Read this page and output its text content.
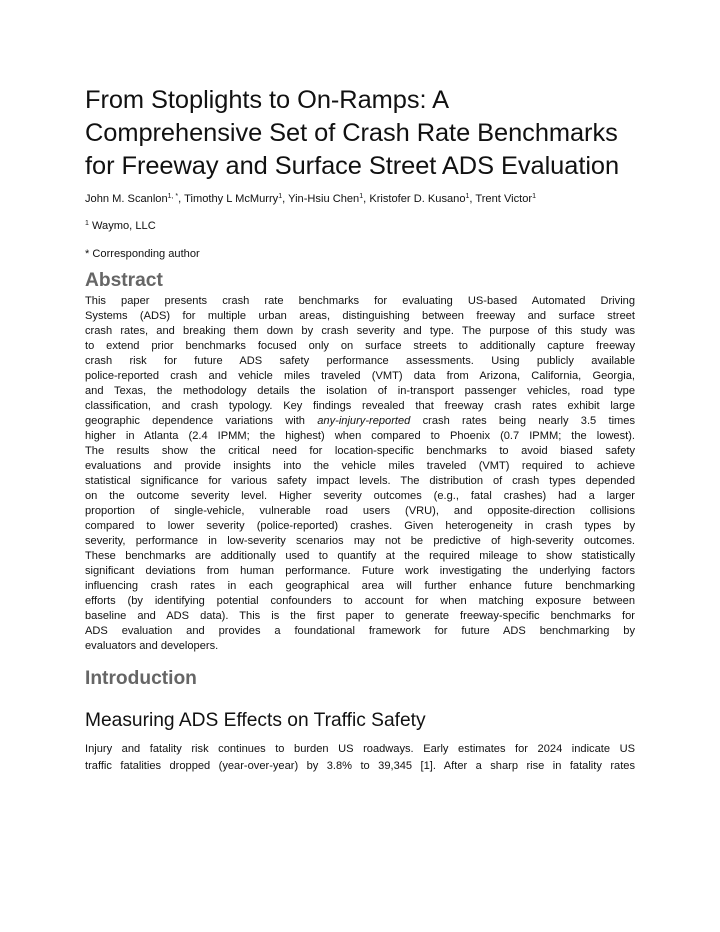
From Stoplights to On-Ramps: A
Comprehensive Set of Crash Rate Benchmarks
for Freeway and Surface Street ADS Evaluation

John M. Scanlon$^{1, *}$, Timothy L McMurry$^1$, Yin-Hsiu Chen$^1$, Kristofer D. Kusano$^1$, Trent Victor$^1$

$^1$ Waymo, LLC

* Corresponding author

Abstract
This paper presents crash rate benchmarks for evaluating US-based Automated Driving
Systems (ADS) for multiple urban areas, distinguishing between freeway and surface street
crash rates, and breaking them down by crash severity and type. The purpose of this study was
to extend prior benchmarks focused only on surface streets to additionally capture freeway
crash risk for future ADS safety performance assessments. Using publicly available
police-reported crash and vehicle miles traveled (VMT) data from Arizona, California, Georgia,
and Texas, the methodology details the isolation of in-transport passenger vehicles, road type
classification, and crash typology. Key findings revealed that freeway crash rates exhibit large
geographic dependence variations with any-injury-reported crash rates being nearly 3.5 times
higher in Atlanta (2.4 IPMM; the highest) when compared to Phoenix (0.7 IPMM; the lowest).
The results show the critical need for location-specific benchmarks to avoid biased safety
evaluations and provide insights into the vehicle miles traveled (VMT) required to achieve
statistical significance for various safety impact levels. The distribution of crash types depended
on the outcome severity level. Higher severity outcomes (e.g., fatal crashes) had a larger
proportion of single-vehicle, vulnerable road users (VRU), and opposite-direction collisions
compared to lower severity (police-reported) crashes. Given heterogeneity in crash types by
severity, performance in low-severity scenarios may not be predictive of high-severity outcomes.
These benchmarks are additionally used to quantify at the required mileage to show statistically
significant deviations from human performance. Future work investigating the underlying factors
influencing crash rates in each geographical area will further enhance future benchmarking
efforts (by identifying potential confounders to account for when matching exposure between
baseline and ADS data). This is the first paper to generate freeway-specific benchmarks for
ADS evaluation and provides a foundational framework for future ADS benchmarking by
evaluators and developers.
Introduction
Measuring ADS Effects on Traffic Safety
Injury and fatality risk continues to burden US roadways. Early estimates for 2024 indicate US
traffic fatalities dropped (year-over-year) by 3.8% to 39,345 [1]. After a sharp rise in fatality rates
